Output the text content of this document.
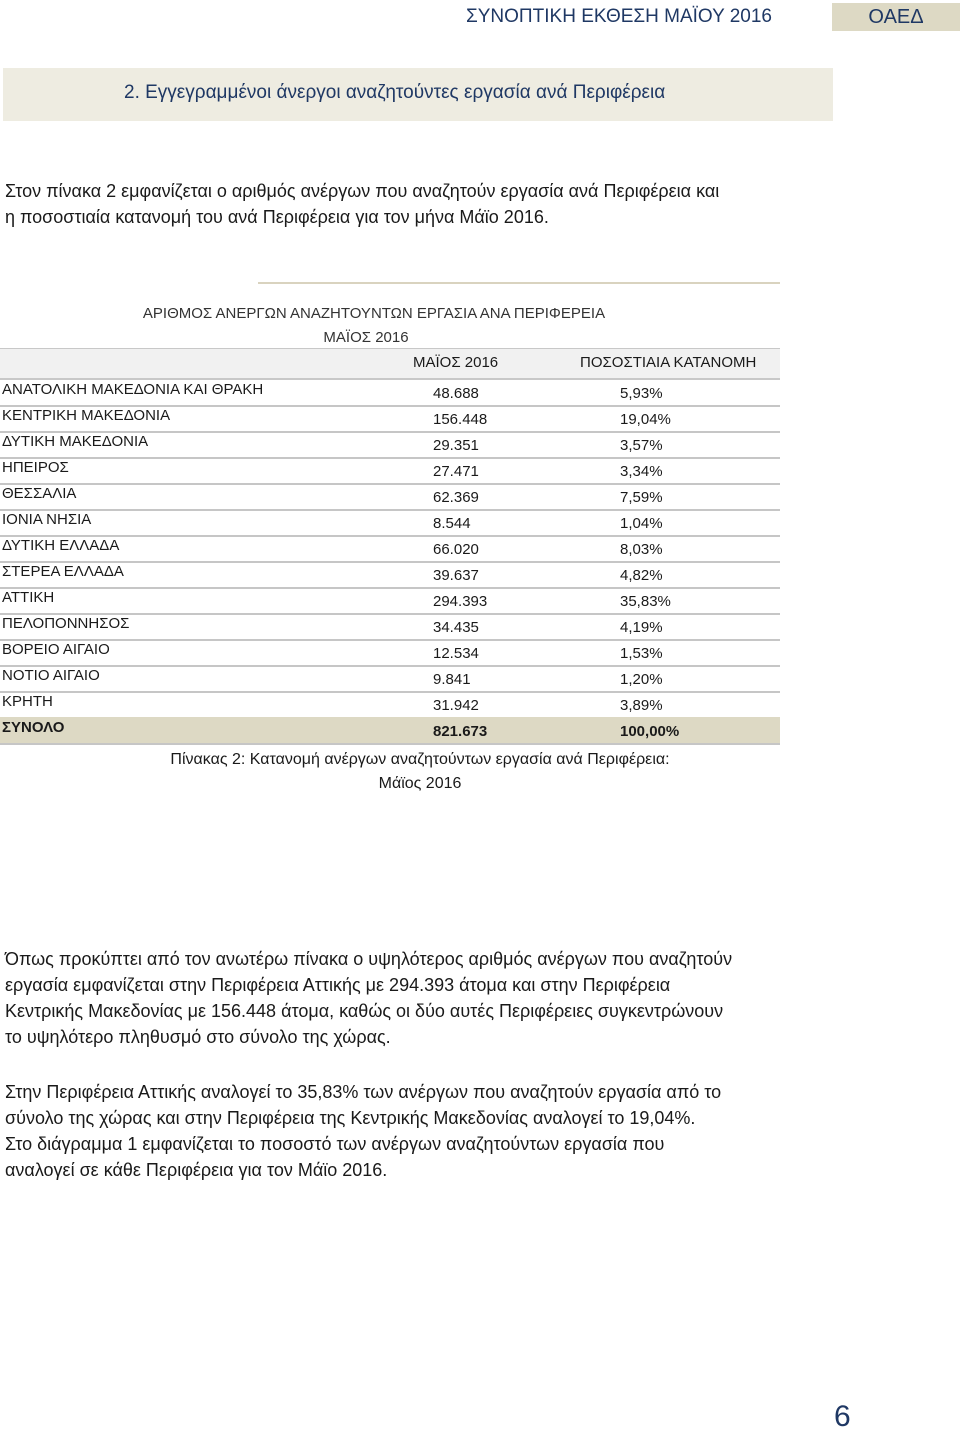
ΣΥΝΟΠΤΙΚΗ ΕΚΘΕΣΗ ΜΑΪΟΥ 2016	ΟΑΕΔ
2. Εγγεγραμμένοι άνεργοι αναζητούντες εργασία ανά Περιφέρεια
Στον πίνακα 2 εμφανίζεται ο αριθμός ανέργων που αναζητούν εργασία ανά Περιφέρεια και
η ποσοστιαία κατανομή του ανά Περιφέρεια για τον μήνα Μάϊο 2016.
ΑΡΙΘΜΟΣ ΑΝΕΡΓΩΝ ΑΝΑΖΗΤΟΥΝΤΩΝ ΕΡΓΑΣΙΑ ΑΝΑ ΠΕΡΙΦΕΡΕΙΑ
ΜΑΪΟΣ 2016
ΜΑΪΟΣ 2016	ΠΟΣΟΣΤΙΑΙΑ ΚΑΤΑΝΟΜΗ
ΑΝΑΤΟΛΙΚΗ ΜΑΚΕΔΟΝΙΑ ΚΑΙ ΘΡΑΚΗ	48.688	5,93%
ΚΕΝΤΡΙΚΗ ΜΑΚΕΔΟΝΙΑ	156.448	19,04%
ΔΥΤΙΚΗ ΜΑΚΕΔΟΝΙΑ	29.351	3,57%
ΗΠΕΙΡΟΣ	27.471	3,34%
ΘΕΣΣΑΛΙΑ	62.369	7,59%
ΙΟΝΙΑ ΝΗΣΙΑ	8.544	1,04%
ΔΥΤΙΚΗ ΕΛΛΑΔΑ	66.020	8,03%
ΣΤΕΡΕΑ ΕΛΛΑΔΑ	39.637	4,82%
ΑΤΤΙΚΗ	294.393	35,83%
ΠΕΛΟΠΟΝΝΗΣΟΣ	34.435	4,19%
ΒΟΡΕΙΟ ΑΙΓΑΙΟ	12.534	1,53%
ΝΟΤΙΟ ΑΙΓΑΙΟ	9.841	1,20%
ΚΡΗΤΗ	31.942	3,89%
ΣΥΝΟΛΟ	821.673	100,00%
Πίνακας 2: Κατανομή ανέργων αναζητούντων εργασία ανά Περιφέρεια:
Μάϊος 2016
Όπως προκύπτει από τον ανωτέρω πίνακα ο υψηλότερος αριθμός ανέργων που αναζητούν
εργασία εμφανίζεται στην Περιφέρεια Αττικής με 294.393 άτομα και στην Περιφέρεια
Κεντρικής Μακεδονίας με 156.448 άτομα, καθώς οι δύο αυτές Περιφέρειες συγκεντρώνουν
το υψηλότερο πληθυσμό στο σύνολο της χώρας.
Στην Περιφέρεια Αττικής αναλογεί το 35,83% των ανέργων που αναζητούν εργασία από το
σύνολο της χώρας και στην Περιφέρεια της Κεντρικής Μακεδονίας αναλογεί το 19,04%.
Στο διάγραμμα 1 εμφανίζεται το ποσοστό των ανέργων αναζητούντων εργασία που
αναλογεί σε κάθε Περιφέρεια για τον Μάϊο 2016.
6
